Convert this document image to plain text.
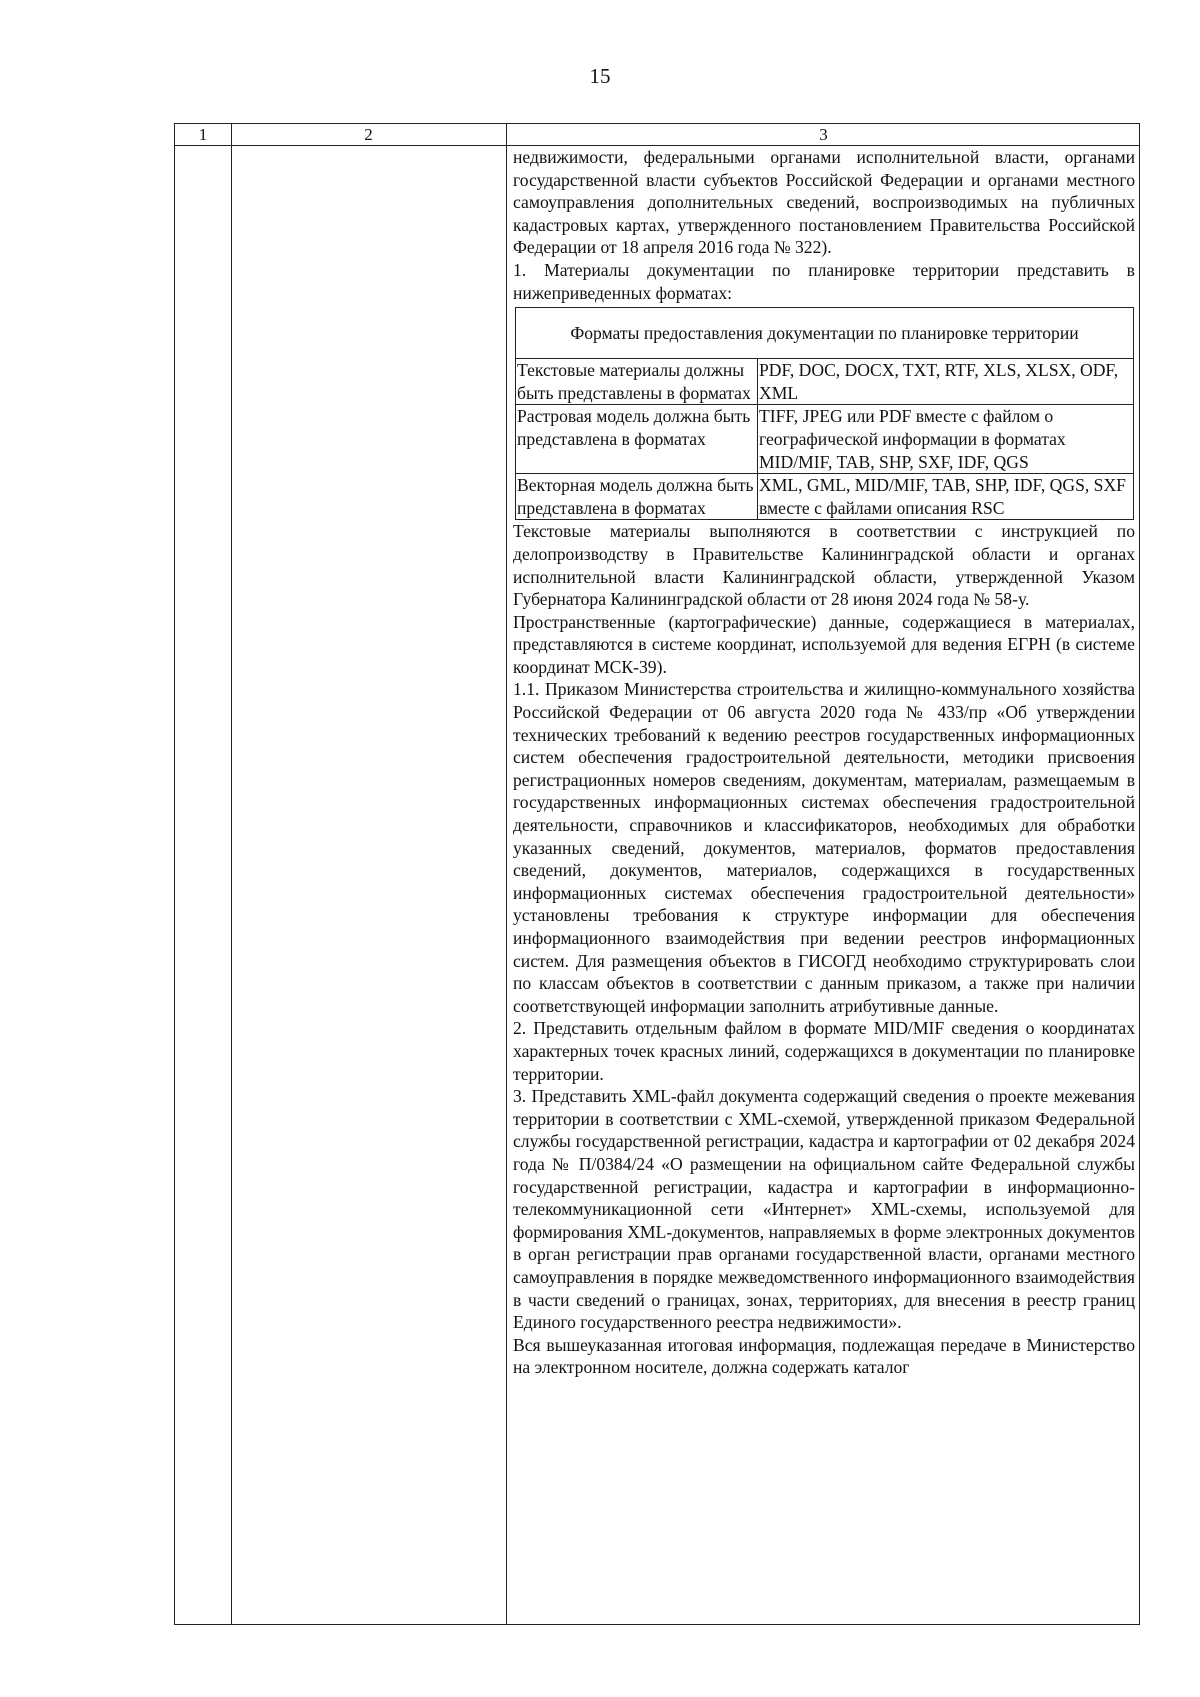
15
1	2	3
недвижимости, федеральными органами исполнительной власти, органами государственной власти субъектов Российской Федерации и органами местного самоуправления дополнительных сведений, воспроизводимых на публичных кадастровых картах, утвержденного постановлением Правительства Российской Федерации от 18 апреля 2016 года № 322).
1. Материалы документации по планировке территории представить в нижеприведенных форматах:
Форматы предоставления документации по планировке территории
Текстовые материалы должны быть представлены в форматах
PDF, DOC, DOCX, TXT, RTF, XLS, XLSX, ODF, XML
Растровая модель должна быть представлена в форматах
TIFF, JPEG или PDF вместе с файлом о географической информации в форматах MID/MIF, TAB, SHP, SXF, IDF, QGS
Векторная модель должна быть представлена в форматах
XML, GML, MID/MIF, TAB, SHP, IDF, QGS, SXF вместе с файлами описания RSC
Текстовые материалы выполняются в соответствии с инструкцией по делопроизводству в Правительстве Калининградской области и органах исполнительной власти Калининградской области, утвержденной Указом Губернатора Калининградской области от 28 июня 2024 года № 58-у.
Пространственные (картографические) данные, содержащиеся в материалах, представляются в системе координат, используемой для ведения ЕГРН (в системе координат МСК-39).
1.1. Приказом Министерства строительства и жилищно-коммунального хозяйства Российской Федерации от 06 августа 2020 года № 433/пр «Об утверждении технических требований к ведению реестров государственных информационных систем обеспечения градостроительной деятельности, методики присвоения регистрационных номеров сведениям, документам, материалам, размещаемым в государственных информационных системах обеспечения градостроительной деятельности, справочников и классификаторов, необходимых для обработки указанных сведений, документов, материалов, форматов предоставления сведений, документов, материалов, содержащихся в государственных информационных системах обеспечения градостроительной деятельности» установлены требования к структуре информации для обеспечения информационного взаимодействия при ведении реестров информационных систем. Для размещения объектов в ГИСОГД необходимо структурировать слои по классам объектов в соответствии с данным приказом, а также при наличии соответствующей информации заполнить атрибутивные данные.
2. Представить отдельным файлом в формате MID/MIF сведения о координатах характерных точек красных линий, содержащихся в документации по планировке территории.
3. Представить XML-файл документа содержащий сведения о проекте межевания территории в соответствии с XML-схемой, утвержденной приказом Федеральной службы государственной регистрации, кадастра и картографии от 02 декабря 2024 года № П/0384/24 «О размещении на официальном сайте Федеральной службы государственной регистрации, кадастра и картографии в информационно-телекоммуникационной сети «Интернет» XML-схемы, используемой для формирования XML-документов, направляемых в форме электронных документов в орган регистрации прав органами государственной власти, органами местного самоуправления в порядке межведомственного информационного взаимодействия в части сведений о границах, зонах, территориях, для внесения в реестр границ Единого государственного реестра недвижимости».
Вся вышеуказанная итоговая информация, подлежащая передаче в Министерство на электронном носителе, должна содержать каталог
